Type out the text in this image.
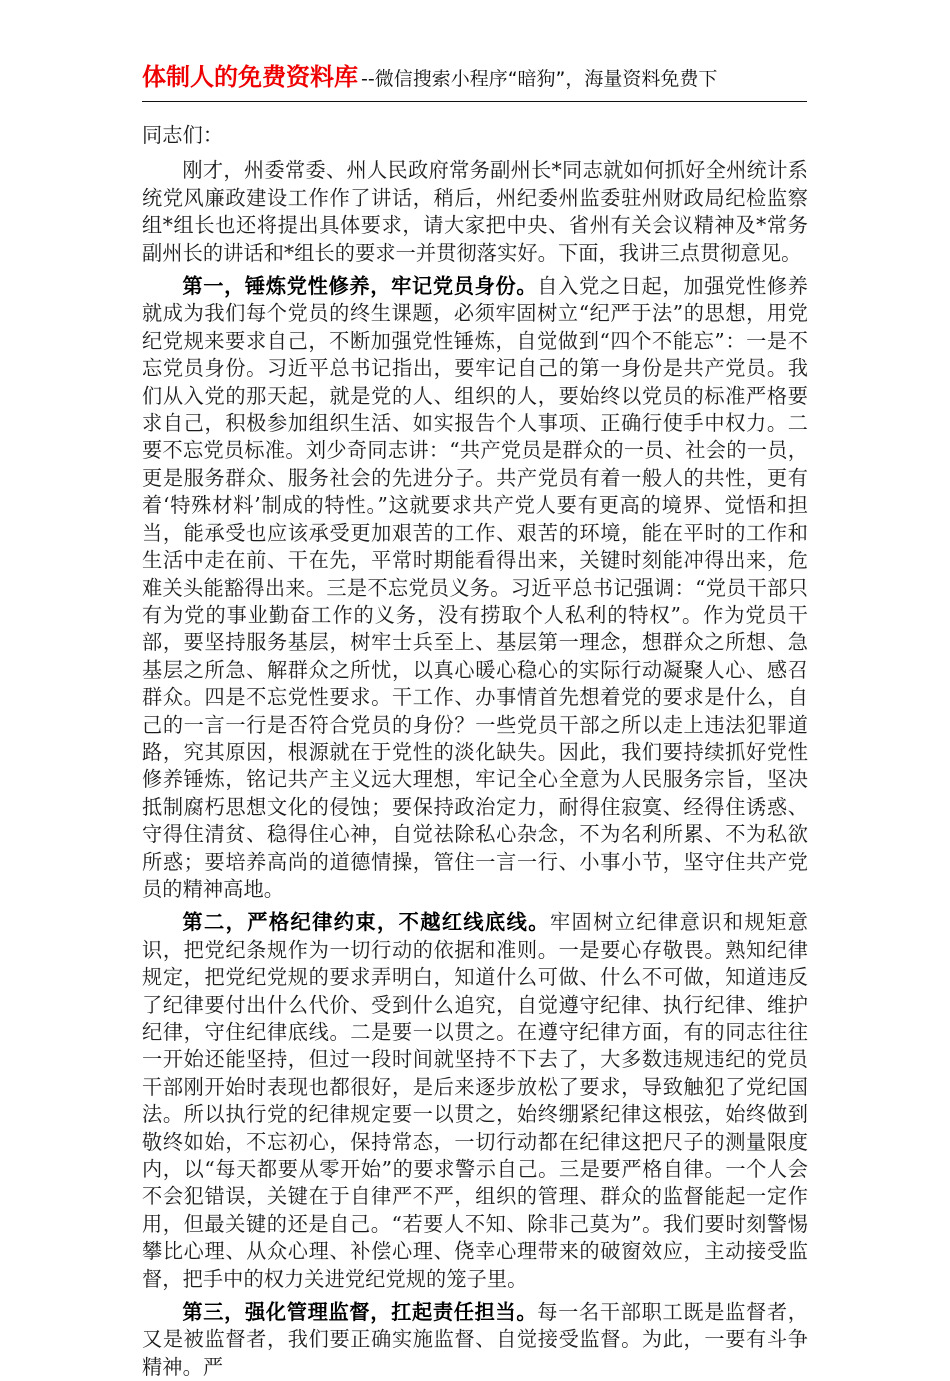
体制人的免费资料库 --微信搜索小程序“暗狗”，海量资料免费下

同志们：

刚才，州委常委、州人民政府常务副州长*同志就如何抓好全州统计系统党风廉政建设工作作了讲话，稍后，州纪委州监委驻州财政局纪检监察组*组长也还将提出具体要求，请大家把中央、省州有关会议精神及*常务副州长的讲话和*组长的要求一并贯彻落实好。下面，我讲三点贯彻意见。

第一，锤炼党性修养，牢记党员身份。自入党之日起，加强党性修养就成为我们每个党员的终生课题，必须牢固树立“纪严于法”的思想，用党纪党规来要求自己，不断加强党性锤炼，自觉做到“四个不能忘”：一是不忘党员身份。习近平总书记指出，要牢记自己的第一身份是共产党员。我们从入党的那天起，就是党的人、组织的人，要始终以党员的标准严格要求自己，积极参加组织生活、如实报告个人事项、正确行使手中权力。二要不忘党员标准。刘少奇同志讲：“共产党员是群众的一员、社会的一员，更是服务群众、服务社会的先进分子。共产党员有着一般人的共性，更有着‘特殊材料’制成的特性。”这就要求共产党人要有更高的境界、觉悟和担当，能承受也应该承受更加艰苦的工作、艰苦的环境，能在平时的工作和生活中走在前、干在先，平常时期能看得出来，关键时刻能冲得出来，危难关头能豁得出来。三是不忘党员义务。习近平总书记强调：“党员干部只有为党的事业勤奋工作的义务，没有捞取个人私利的特权”。作为党员干部，要坚持服务基层，树牢士兵至上、基层第一理念，想群众之所想、急基层之所急、解群众之所忧，以真心暖心稳心的实际行动凝聚人心、感召群众。四是不忘党性要求。干工作、办事情首先想着党的要求是什么，自己的一言一行是否符合党员的身份？一些党员干部之所以走上违法犯罪道路，究其原因，根源就在于党性的淡化缺失。因此，我们要持续抓好党性修养锤炼，铭记共产主义远大理想，牢记全心全意为人民服务宗旨，坚决抵制腐朽思想文化的侵蚀；要保持政治定力，耐得住寂寞、经得住诱惑、守得住清贫、稳得住心神，自觉祛除私心杂念，不为名利所累、不为私欲所惑；要培养高尚的道德情操，管住一言一行、小事小节，坚守住共产党员的精神高地。

第二，严格纪律约束，不越红线底线。牢固树立纪律意识和规矩意识，把党纪条规作为一切行动的依据和准则。一是要心存敬畏。熟知纪律规定，把党纪党规的要求弄明白，知道什么可做、什么不可做，知道违反了纪律要付出什么代价、受到什么追究，自觉遵守纪律、执行纪律、维护纪律，守住纪律底线。二是要一以贯之。在遵守纪律方面，有的同志往往一开始还能坚持，但过一段时间就坚持不下去了，大多数违规违纪的党员干部刚开始时表现也都很好，是后来逐步放松了要求，导致触犯了党纪国法。所以执行党的纪律规定要一以贯之，始终绷紧纪律这根弦，始终做到敬终如始，不忘初心，保持常态，一切行动都在纪律这把尺子的测量限度内，以“每天都要从零开始”的要求警示自己。三是要严格自律。一个人会不会犯错误，关键在于自律严不严，组织的管理、群众的监督能起一定作用，但最关键的还是自己。“若要人不知、除非己莫为”。我们要时刻警惕攀比心理、从众心理、补偿心理、侥幸心理带来的破窗效应，主动接受监督，把手中的权力关进党纪党规的笼子里。

第三，强化管理监督，扛起责任担当。每一名干部职工既是监督者，又是被监督者，我们要正确实施监督、自觉接受监督。为此，一要有斗争精神。严
